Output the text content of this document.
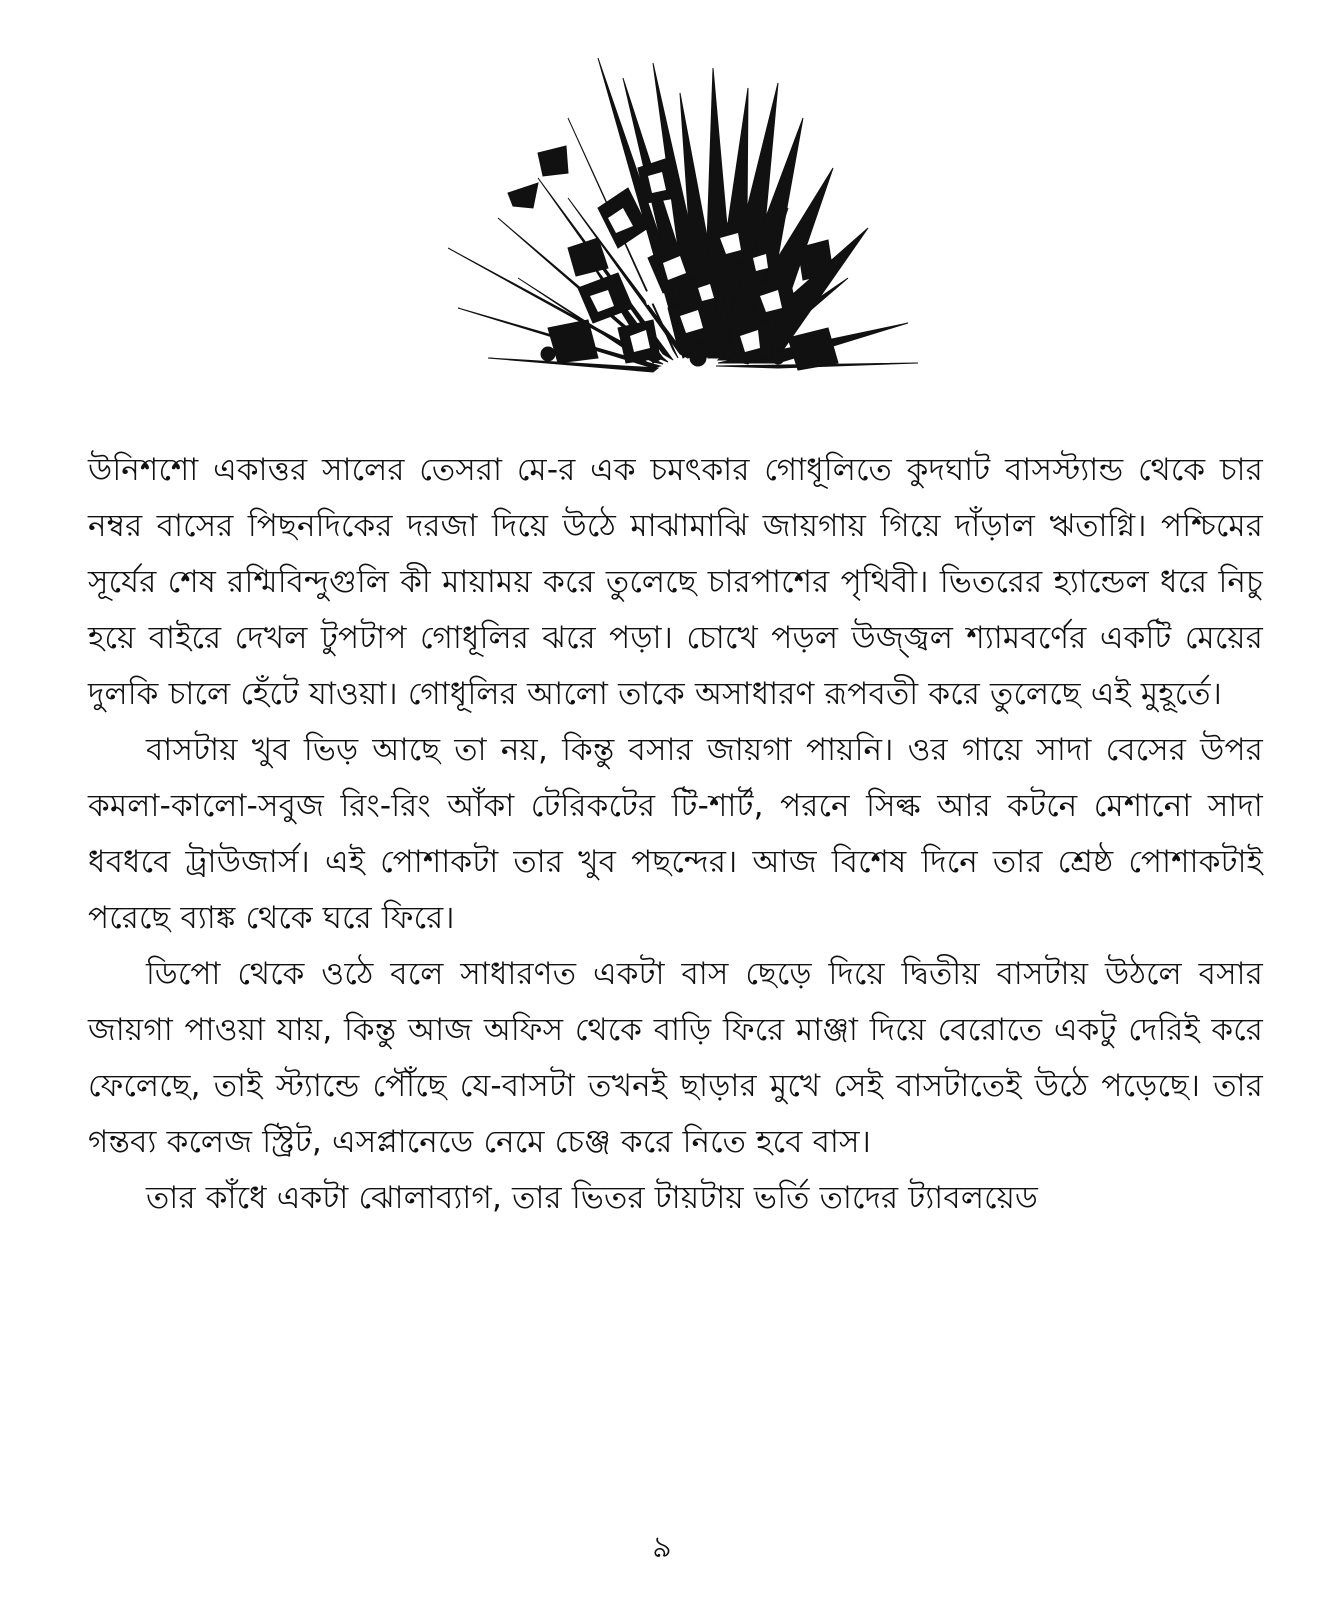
উনিশশো একাত্তর সালের তেসরা মে-র এক চমৎকার গোধূলিতে কুদঘাট বাসস্ট্যান্ড থেকে চার নম্বর বাসের পিছনদিকের দরজা দিয়ে উঠে মাঝামাঝি জায়গায় গিয়ে দাঁড়াল ঋতাগ্নি। পশ্চিমের সূর্যের শেষ রশ্মিবিন্দুগুলি কী মায়াময় করে তুলেছে চারপাশের পৃথিবী। ভিতরের হ্যান্ডেল ধরে নিচু হয়ে বাইরে দেখল টুপটাপ গোধূলির ঝরে পড়া। চোখে পড়ল উজ্জ্বল শ্যামবর্ণের একটি মেয়ের দুলকি চালে হেঁটে যাওয়া। গোধূলির আলো তাকে অসাধারণ রূপবতী করে তুলেছে এই মুহূর্তে।

বাসটায় খুব ভিড় আছে তা নয়, কিন্তু বসার জায়গা পায়নি। ওর গায়ে সাদা বেসের উপর কমলা-কালো-সবুজ রিং-রিং আঁকা টেরিকটের টি-শার্ট, পরনে সিল্ক আর কটনে মেশানো সাদা ধবধবে ট্রাউজার্স। এই পোশাকটা তার খুব পছন্দের। আজ বিশেষ দিনে তার শ্রেষ্ঠ পোশাকটাই পরেছে ব্যাঙ্ক থেকে ঘরে ফিরে।

ডিপো থেকে ওঠে বলে সাধারণত একটা বাস ছেড়ে দিয়ে দ্বিতীয় বাসটায় উঠলে বসার জায়গা পাওয়া যায়, কিন্তু আজ অফিস থেকে বাড়ি ফিরে মাঞ্জা দিয়ে বেরোতে একটু দেরিই করে ফেলেছে, তাই স্ট্যান্ডে পৌঁছে যে-বাসটা তখনই ছাড়ার মুখে সেই বাসটাতেই উঠে পড়েছে। তার গন্তব্য কলেজ স্ট্রিট, এসপ্লানেডে নেমে চেঞ্জ করে নিতে হবে বাস।

তার কাঁধে একটা ঝোলাব্যাগ, তার ভিতর টায়টায় ভর্তি তাদের ট্যাবলয়েড

৯
